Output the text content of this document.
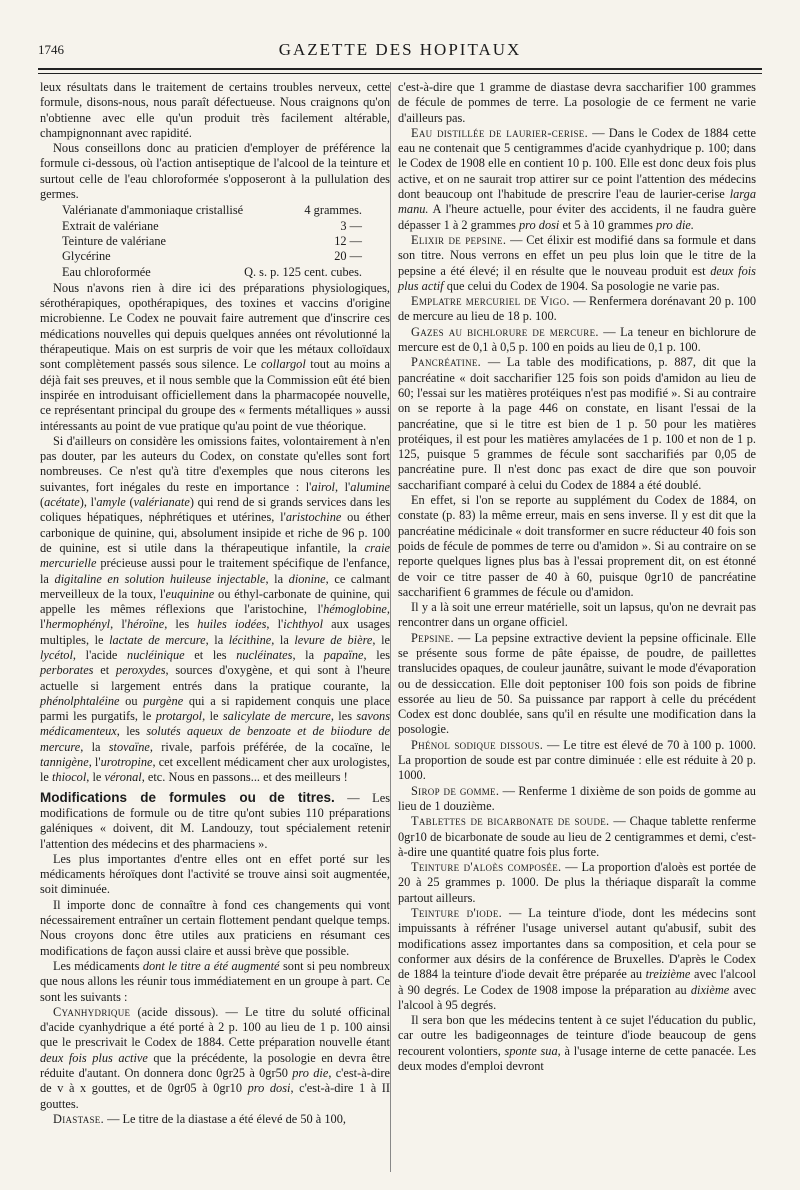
1746	GAZETTE DES HOPITAUX

leux résultats dans le traitement de certains troubles nerveux, cette formule, disons-nous, nous paraît défectueuse. Nous craignons qu'on n'obtienne avec elle qu'un produit très facilement altérable, champignonnant avec rapidité.

Nous conseillons donc au praticien d'employer de préférence la formule ci-dessous, où l'action antiseptique de l'alcool de la teinture et surtout celle de l'eau chloroformée s'opposeront à la pullulation des germes.

Valérianate d'ammoniaque cristallisé	4 grammes.
Extrait de valériane	3 —
Teinture de valériane	12 —
Glycérine	20 —
Eau chloroformée	Q. s. p. 125 cent. cubes.

Nous n'avons rien à dire ici des préparations physiologiques, sérothérapiques, opothérapiques, des toxines et vaccins d'origine microbienne. Le Codex ne pouvait faire autrement que d'inscrire ces médications nouvelles qui depuis quelques années ont révolutionné la thérapeutique. Mais on est surpris de voir que les métaux colloïdaux sont complètement passés sous silence. Le collargol tout au moins a déjà fait ses preuves, et il nous semble que la Commission eût été bien inspirée en introduisant officiellement dans la pharmacopée nouvelle, ce représentant principal du groupe des « ferments métalliques » aussi intéressants au point de vue pratique qu'au point de vue théorique.

Si d'ailleurs on considère les omissions faites, volontairement à n'en pas douter, par les auteurs du Codex, on constate qu'elles sont fort nombreuses. Ce n'est qu'à titre d'exemples que nous citerons les suivantes, fort inégales du reste en importance : l'airol, l'alumine (acétate), l'amyle (valérianate) qui rend de si grands services dans les coliques hépatiques, néphrétiques et utérines, l'aristochine ou éther carbonique de quinine, qui, absolument insipide et riche de 96 p. 100 de quinine, est si utile dans la thérapeutique infantile, la craie mercurielle précieuse aussi pour le traitement spécifique de l'enfance, la digitaline en solution huileuse injectable, la dionine, ce calmant merveilleux de la toux, l'euquinine ou éthyl-carbonate de quinine, qui appelle les mêmes réflexions que l'aristochine, l'hémoglobine, l'hermophényl, l'héroïne, les huiles iodées, l'ichthyol aux usages multiples, le lactate de mercure, la lécithine, la levure de bière, le lycétol, l'acide nucléinique et les nucléinates, la papaïne, les perborates et peroxydes, sources d'oxygène, et qui sont à l'heure actuelle si largement entrés dans la pratique courante, la phénolphtaléine ou purgène qui a si rapidement conquis une place parmi les purgatifs, le protargol, le salicylate de mercure, les savons médicamenteux, les solutés aqueux de benzoate et de biiodure de mercure, la stovaïne, rivale, parfois préférée, de la cocaïne, le tannigène, l'urotropine, cet excellent médicament cher aux urologistes, le thiocol, le véronal, etc. Nous en passons... et des meilleurs !

Modifications de formules ou de titres. — Les modifications de formule ou de titre qu'ont subies 110 préparations galéniques « doivent, dit M. Landouzy, tout spécialement retenir l'attention des médecins et des pharmaciens ».

Les plus importantes d'entre elles ont en effet porté sur les médicaments héroïques dont l'activité se trouve ainsi soit augmentée, soit diminuée.

Il importe donc de connaître à fond ces changements qui vont nécessairement entraîner un certain flottement pendant quelque temps. Nous croyons donc être utiles aux praticiens en résumant ces modifications de façon aussi claire et aussi brève que possible.

Les médicaments dont le titre a été augmenté sont si peu nombreux que nous allons les réunir tous immédiatement en un groupe à part. Ce sont les suivants :

Cyanhydrique (acide dissous). — Le titre du soluté officinal d'acide cyanhydrique a été porté à 2 p. 100 au lieu de 1 p. 100 ainsi que le prescrivait le Codex de 1884. Cette préparation nouvelle étant deux fois plus active que la précédente, la posologie en devra être réduite d'autant. On donnera donc 0gr25 à 0gr50 pro die, c'est-à-dire de v à x gouttes, et de 0gr05 à 0gr10 pro dosi, c'est-à-dire 1 à II gouttes.

Diastase. — Le titre de la diastase a été élevé de 50 à 100,

c'est-à-dire que 1 gramme de diastase devra saccharifier 100 grammes de fécule de pommes de terre. La posologie de ce ferment ne varie d'ailleurs pas.

Eau distillée de laurier-cerise. — Dans le Codex de 1884 cette eau ne contenait que 5 centigrammes d'acide cyanhydrique p. 100; dans le Codex de 1908 elle en contient 10 p. 100. Elle est donc deux fois plus active, et on ne saurait trop attirer sur ce point l'attention des médecins dont beaucoup ont l'habitude de prescrire l'eau de laurier-cerise larga manu. A l'heure actuelle, pour éviter des accidents, il ne faudra guère dépasser 1 à 2 grammes pro dosi et 5 à 10 grammes pro die.

Elixir de pepsine. — Cet élixir est modifié dans sa formule et dans son titre. Nous verrons en effet un peu plus loin que le titre de la pepsine a été élevé; il en résulte que le nouveau produit est deux fois plus actif que celui du Codex de 1904. Sa posologie ne varie pas.

Emplatre mercuriel de Vigo. — Renfermera dorénavant 20 p. 100 de mercure au lieu de 18 p. 100.

Gazes au bichlorure de mercure. — La teneur en bichlorure de mercure est de 0,1 à 0,5 p. 100 en poids au lieu de 0,1 p. 100.

Pancréatine. — La table des modifications, p. 887, dit que la pancréatine « doit saccharifier 125 fois son poids d'amidon au lieu de 60; l'essai sur les matières protéiques n'est pas modifié ». Si au contraire on se reporte à la page 446 on constate, en lisant l'essai de la pancréatine, que si le titre est bien de 1 p. 50 pour les matières protéiques, il est pour les matières amylacées de 1 p. 100 et non de 1 p. 125, puisque 5 grammes de fécule sont saccharifiés par 0,05 de pancréatine pure. Il n'est donc pas exact de dire que son pouvoir saccharifiant comparé à celui du Codex de 1884 a été doublé.

En effet, si l'on se reporte au supplément du Codex de 1884, on constate (p. 83) la même erreur, mais en sens inverse. Il y est dit que la pancréatine médicinale « doit transformer en sucre réducteur 40 fois son poids de fécule de pommes de terre ou d'amidon ». Si au contraire on se reporte quelques lignes plus bas à l'essai proprement dit, on est étonné de voir ce titre passer de 40 à 60, puisque 0gr10 de pancréatine saccharifient 6 grammes de fécule ou d'amidon.

Il y a là soit une erreur matérielle, soit un lapsus, qu'on ne devrait pas rencontrer dans un organe officiel.

Pepsine. — La pepsine extractive devient la pepsine officinale. Elle se présente sous forme de pâte épaisse, de poudre, de paillettes translucides opaques, de couleur jaunâtre, suivant le mode d'évaporation ou de dessiccation. Elle doit peptoniser 100 fois son poids de fibrine essorée au lieu de 50. Sa puissance par rapport à celle du précédent Codex est donc doublée, sans qu'il en résulte une modification dans la posologie.

Phénol sodique dissous. — Le titre est élevé de 70 à 100 p. 1000. La proportion de soude est par contre diminuée : elle est réduite à 20 p. 1000.

Sirop de gomme. — Renferme 1 dixième de son poids de gomme au lieu de 1 douzième.

Tablettes de bicarbonate de soude. — Chaque tablette renferme 0gr10 de bicarbonate de soude au lieu de 2 centigrammes et demi, c'est-à-dire une quantité quatre fois plus forte.

Teinture d'aloès composée. — La proportion d'aloès est portée de 20 à 25 grammes p. 1000. De plus la thériaque disparaît la comme partout ailleurs.

Teinture d'iode. — La teinture d'iode, dont les médecins sont impuissants à réfréner l'usage universel autant qu'abusif, subit des modifications assez importantes dans sa composition, et cela pour se conformer aux désirs de la conférence de Bruxelles. D'après le Codex de 1884 la teinture d'iode devait être préparée au treizième avec l'alcool à 90 degrés. Le Codex de 1908 impose la préparation au dixième avec l'alcool à 95 degrés.

Il sera bon que les médecins tentent à ce sujet l'éducation du public, car outre les badigeonnages de teinture d'iode beaucoup de gens recourent volontiers, sponte sua, à l'usage interne de cette panacée. Les deux modes d'emploi devront
